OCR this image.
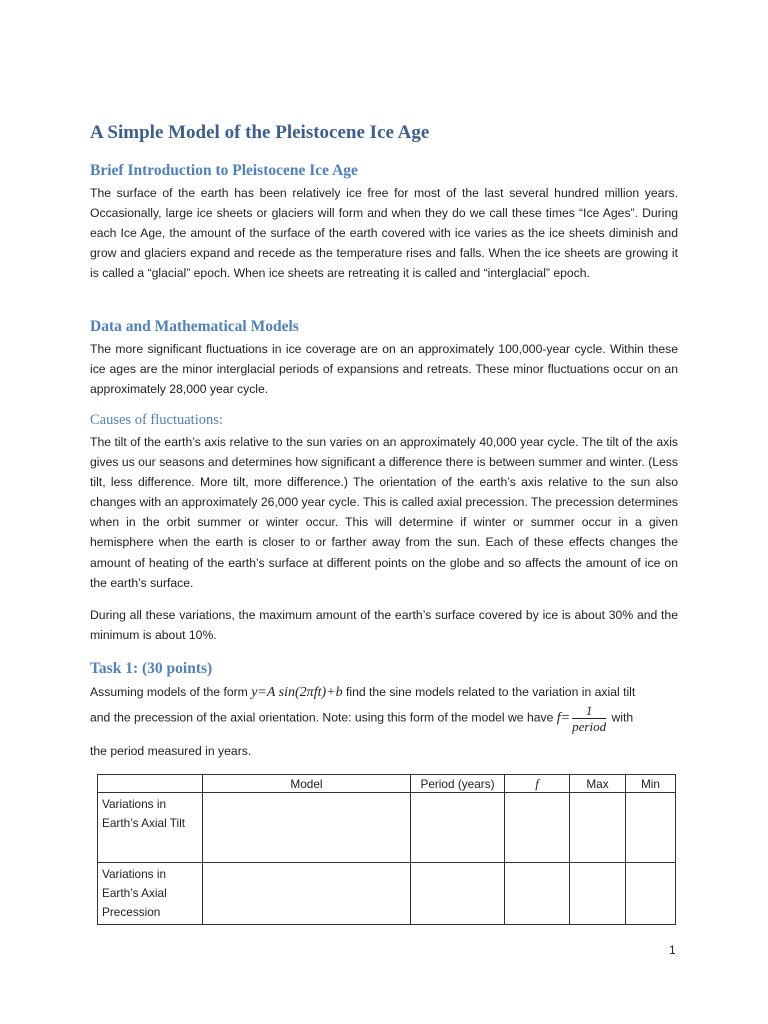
A Simple Model of the Pleistocene Ice Age
Brief Introduction to Pleistocene Ice Age

The surface of the earth has been relatively ice free for most of the last several hundred million years. Occasionally, large ice sheets or glaciers will form and when they do we call these times “Ice Ages”. During each Ice Age, the amount of the surface of the earth covered with ice varies as the ice sheets diminish and grow and glaciers expand and recede as the temperature rises and falls. When the ice sheets are growing it is called a “glacial” epoch. When ice sheets are retreating it is called and “interglacial” epoch.

Data and Mathematical Models

The more significant fluctuations in ice coverage are on an approximately 100,000-year cycle. Within these ice ages are the minor interglacial periods of expansions and retreats. These minor fluctuations occur on an approximately 28,000 year cycle.

Causes of fluctuations:

The tilt of the earth’s axis relative to the sun varies on an approximately 40,000 year cycle. The tilt of the axis gives us our seasons and determines how significant a difference there is between summer and winter. (Less tilt, less difference. More tilt, more difference.) The orientation of the earth’s axis relative to the sun also changes with an approximately 26,000 year cycle. This is called axial precession. The precession determines when in the orbit summer or winter occur. This will determine if winter or summer occur in a given hemisphere when the earth is closer to or farther away from the sun. Each of these effects changes the amount of heating of the earth’s surface at different points on the globe and so affects the amount of ice on the earth’s surface.

During all these variations, the maximum amount of the earth’s surface covered by ice is about 30% and the minimum is about 10%.

Task 1: (30 points)
Assuming models of the form y=A sin(2πft)+b find the sine models related to the variation in axial tilt
and the precession of the axial orientation. Note: using this form of the model we have $f= \frac{1}{\text{period}}$ with
the period measured in years.
	Model	Period (years)	f	Max	Min
Variations in Earth’s Axial Tilt					
Variations in Earth’s Axial Precession					
1
